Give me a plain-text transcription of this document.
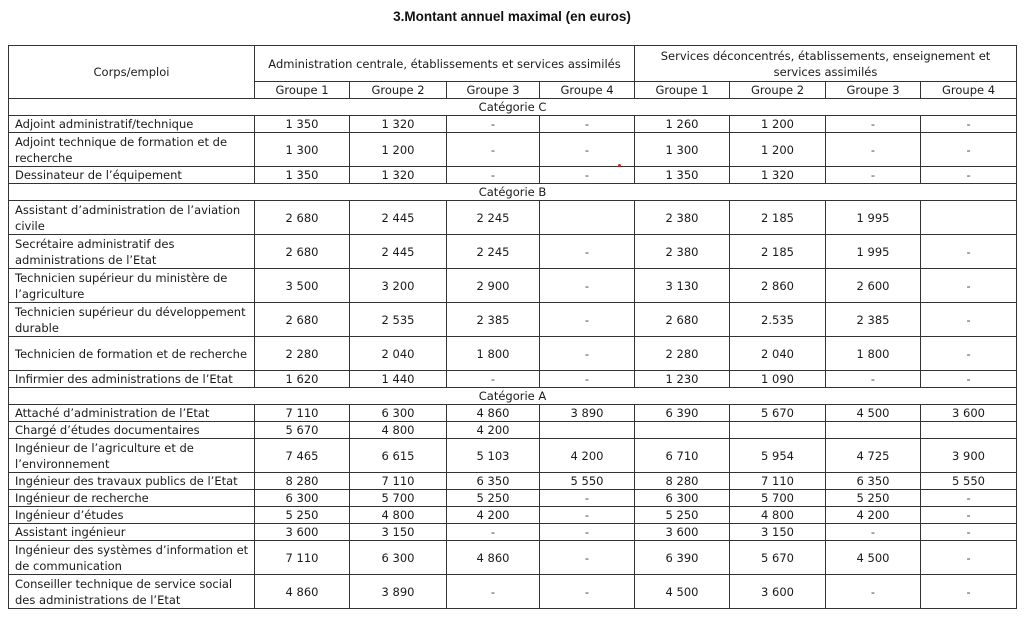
3.Montant annuel maximal (en euros)
Corps/emploi	Administration centrale, établissements et services assimilés				Services déconcentrés, établissements, enseignement et services assimilés			
	Groupe 1	Groupe 2	Groupe 3	Groupe 4	Groupe 1	Groupe 2	Groupe 3	Groupe 4
Catégorie C								
Adjoint administratif/technique	1 350	1 320	-	-	1 260	1 200	-	-
Adjoint technique de formation et de recherche	1 300	1 200	-	-	1 300	1 200	-	-
Dessinateur de l’équipement	1 350	1 320	-	-	1 350	1 320	-	-
Catégorie B								
Assistant d’administration de l’aviation civile	2 680	2 445	2 245		2 380	2 185	1 995	
Secrétaire administratif des administrations de l’Etat	2 680	2 445	2 245	-	2 380	2 185	1 995	-
Technicien supérieur du ministère de l’agriculture	3 500	3 200	2 900	-	3 130	2 860	2 600	-
Technicien supérieur du développement durable	2 680	2 535	2 385	-	2 680	2.535	2 385	-
Technicien de formation et de recherche	2 280	2 040	1 800	-	2 280	2 040	1 800	-
Infirmier des administrations de l’Etat	1 620	1 440	-	-	1 230	1 090	-	-
Catégorie A								
Attaché d’administration de l’Etat	7 110	6 300	4 860	3 890	6 390	5 670	4 500	3 600
Chargé d’études documentaires	5 670	4 800	4 200					
Ingénieur de l’agriculture et de l’environnement	7 465	6 615	5 103	4 200	6 710	5 954	4 725	3 900
Ingénieur des travaux publics de l’Etat	8 280	7 110	6 350	5 550	8 280	7 110	6 350	5 550
Ingénieur de recherche	6 300	5 700	5 250	-	6 300	5 700	5 250	-
Ingénieur d’études	5 250	4 800	4 200	-	5 250	4 800	4 200	-
Assistant ingénieur	3 600	3 150	-	-	3 600	3 150	-	-
Ingénieur des systèmes d’information et de communication	7 110	6 300	4 860	-	6 390	5 670	4 500	-
Conseiller technique de service social des administrations de l’Etat	4 860	3 890	-	-	4 500	3 600	-	-
